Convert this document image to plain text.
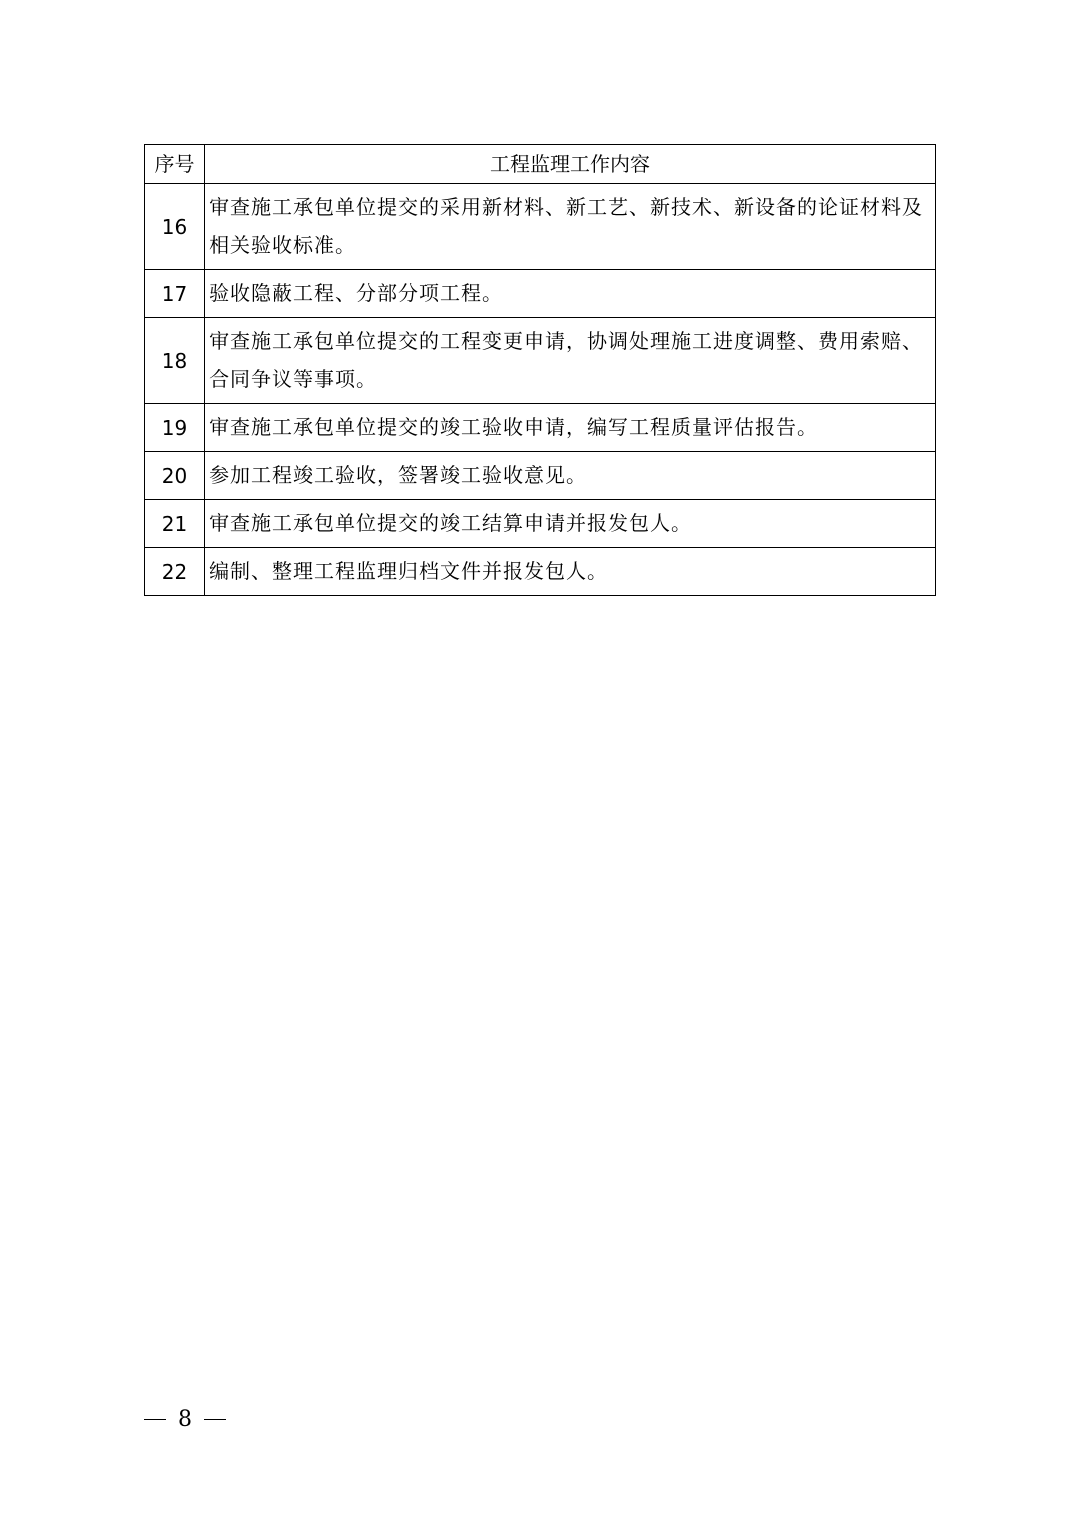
序号	工程监理工作内容
16	审查施工承包单位提交的采用新材料、新工艺、新技术、新设备的论证材料及相关验收标准。
17	验收隐蔽工程、分部分项工程。
18	审查施工承包单位提交的工程变更申请，协调处理施工进度调整、费用索赔、合同争议等事项。
19	审查施工承包单位提交的竣工验收申请，编写工程质量评估报告。
20	参加工程竣工验收，签署竣工验收意见。
21	审查施工承包单位提交的竣工结算申请并报发包人。
22	编制、整理工程监理归档文件并报发包人。
8
